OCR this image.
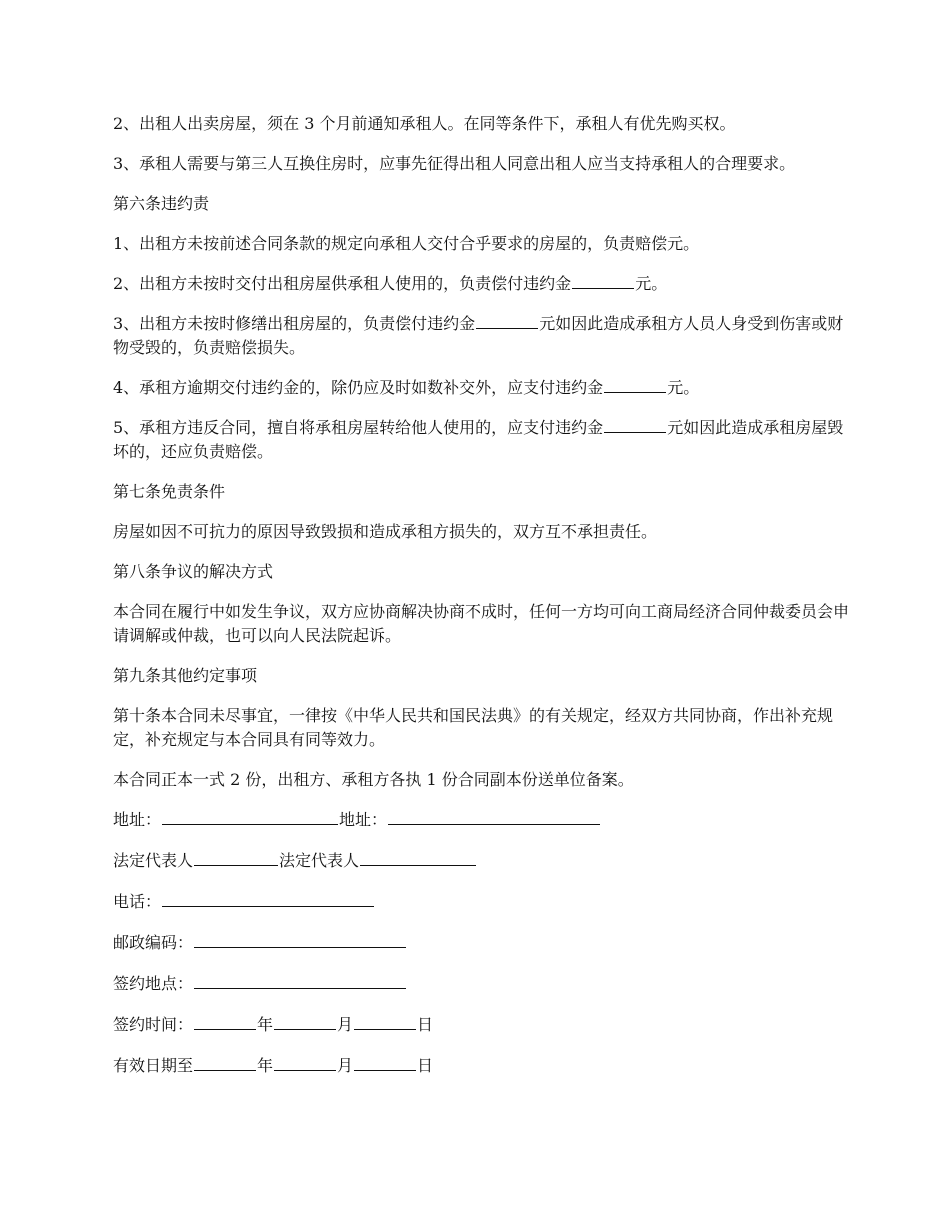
2、出租人出卖房屋，须在 3 个月前通知承租人。在同等条件下，承租人有优先购买权。

3、承租人需要与第三人互换住房时，应事先征得出租人同意出租人应当支持承租人的合理要求。

第六条违约责

1、出租方未按前述合同条款的规定向承租人交付合乎要求的房屋的，负责赔偿元。

2、出租方未按时交付出租房屋供承租人使用的，负责偿付违约金	元。

3、出租方未按时修缮出租房屋的，负责偿付违约金	元如因此造成承租方人员人身受到伤害或财物受毁的，负责赔偿损失。

4、承租方逾期交付违约金的，除仍应及时如数补交外，应支付违约金	元。

5、承租方违反合同，擅自将承租房屋转给他人使用的，应支付违约金	元如因此造成承租房屋毁坏的，还应负责赔偿。

第七条免责条件

房屋如因不可抗力的原因导致毁损和造成承租方损失的，双方互不承担责任。

第八条争议的解决方式

本合同在履行中如发生争议，双方应协商解决协商不成时，任何一方均可向工商局经济合同仲裁委员会申请调解或仲裁，也可以向人民法院起诉。

第九条其他约定事项

第十条本合同未尽事宜，一律按《中华人民共和国民法典》的有关规定，经双方共同协商，作出补充规定，补充规定与本合同具有同等效力。

本合同正本一式 2 份，出租方、承租方各执 1 份合同副本份送单位备案。

地址：	地址：
法定代表人	法定代表人
电话：
邮政编码：
签约地点：
签约时间：	年	月	日
有效日期至	年	月	日
